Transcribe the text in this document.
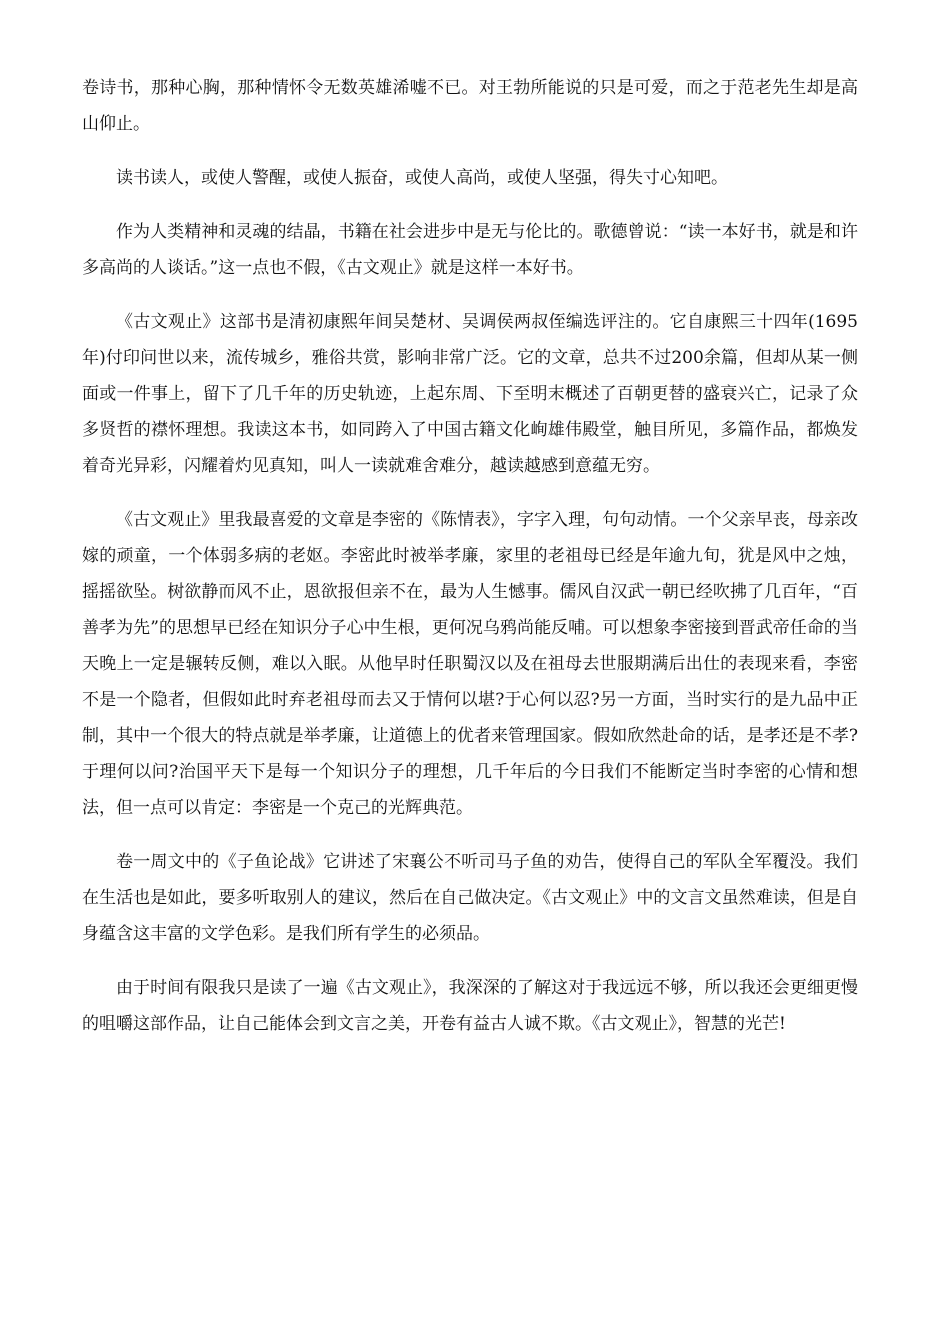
卷诗书，那种心胸，那种情怀令无数英雄浠嘘不已。对王勃所能说的只是可爱，而之于范老先生却是高山仰止。

读书读人，或使人警醒，或使人振奋，或使人高尚，或使人坚强，得失寸心知吧。

作为人类精神和灵魂的结晶，书籍在社会进步中是无与伦比的。歌德曾说：“读一本好书，就是和许多高尚的人谈话。”这一点也不假，《古文观止》就是这样一本好书。

《古文观止》这部书是清初康熙年间吴楚材、吴调侯两叔侄编选评注的。它自康熙三十四年(1695年)付印问世以来，流传城乡，雅俗共赏，影响非常广泛。它的文章，总共不过200余篇，但却从某一侧面或一件事上，留下了几千年的历史轨迹，上起东周、下至明末概述了百朝更替的盛衰兴亡，记录了众多贤哲的襟怀理想。我读这本书，如同跨入了中国古籍文化峋雄伟殿堂，触目所见，多篇作品，都焕发着奇光异彩，闪耀着灼见真知，叫人一读就难舍难分，越读越感到意蕴无穷。

《古文观止》里我最喜爱的文章是李密的《陈情表》，字字入理，句句动情。一个父亲早丧，母亲改嫁的顽童，一个体弱多病的老妪。李密此时被举孝廉，家里的老祖母已经是年逾九旬，犹是风中之烛，摇摇欲坠。树欲静而风不止，恩欲报但亲不在，最为人生憾事。儒风自汉武一朝已经吹拂了几百年，“百善孝为先”的思想早已经在知识分子心中生根，更何况乌鸦尚能反哺。可以想象李密接到晋武帝任命的当天晚上一定是辗转反侧，难以入眠。从他早时任职蜀汉以及在祖母去世服期满后出仕的表现来看，李密不是一个隐者，但假如此时弃老祖母而去又于情何以堪?于心何以忍?另一方面，当时实行的是九品中正制，其中一个很大的特点就是举孝廉，让道德上的优者来管理国家。假如欣然赴命的话，是孝还是不孝?于理何以问?治国平天下是每一个知识分子的理想，几千年后的今日我们不能断定当时李密的心情和想法，但一点可以肯定：李密是一个克己的光辉典范。

卷一周文中的《子鱼论战》它讲述了宋襄公不听司马子鱼的劝告，使得自己的军队全军覆没。我们在生活也是如此，要多听取别人的建议，然后在自己做决定。《古文观止》中的文言文虽然难读，但是自身蕴含这丰富的文学色彩。是我们所有学生的必须品。

由于时间有限我只是读了一遍《古文观止》，我深深的了解这对于我远远不够，所以我还会更细更慢的咀嚼这部作品，让自己能体会到文言之美，开卷有益古人诚不欺。《古文观止》，智慧的光芒!
